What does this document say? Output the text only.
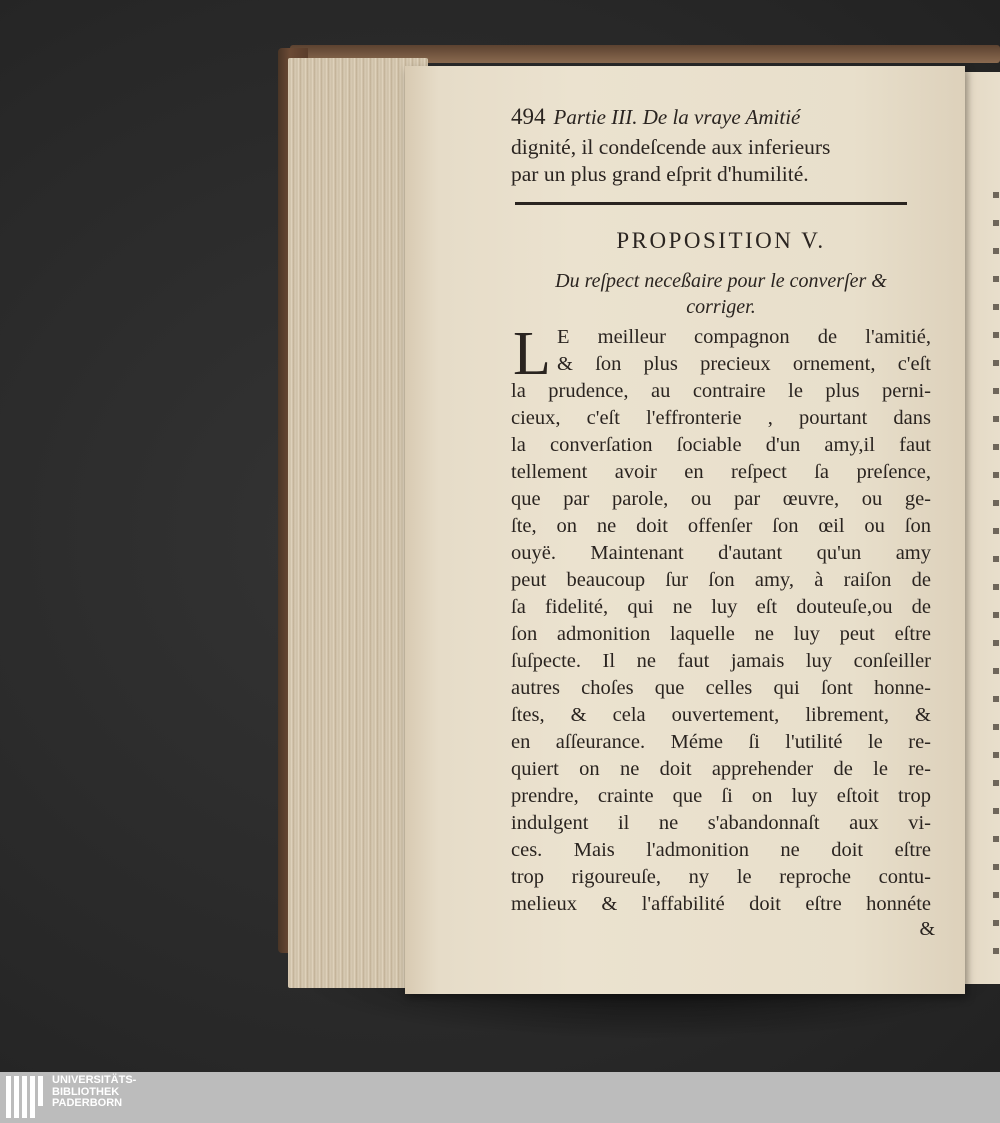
494 Partie III. De la vraye Amitié
dignité, il condeſcende aux inferieurs
par un plus grand eſprit d'humilité.
PROPOSITION V.
Du reſpect neceßaire pour le converſer &
corriger.
L E meilleur compagnon de l'amitié,
& ſon plus precieux ornement, c'eſt
la prudence, au contraire le plus perni-
cieux, c'eſt l'effronterie , pourtant dans
la converſation ſociable d'un amy,il faut
tellement avoir en reſpect ſa preſence,
que par parole, ou par œuvre, ou ge-
ſte, on ne doit offenſer ſon œil ou ſon
ouyë. Maintenant d'autant qu'un amy
peut beaucoup ſur ſon amy, à raiſon de
ſa fidelité, qui ne luy eſt douteuſe,ou de
ſon admonition laquelle ne luy peut eſtre
ſuſpecte. Il ne faut jamais luy conſeiller
autres choſes que celles qui ſont honne-
ſtes, & cela ouvertement, librement, &
en aſſeurance. Méme ſi l'utilité le re-
quiert on ne doit apprehender de le re-
prendre, crainte que ſi on luy eſtoit trop
indulgent il ne s'abandonnaſt aux vi-
ces. Mais l'admonition ne doit eſtre
trop rigoureuſe, ny le reproche contu-
melieux & l'affabilité doit eſtre honnéte
&
UNIVERSITÄTS-
BIBLIOTHEK
PADERBORN
